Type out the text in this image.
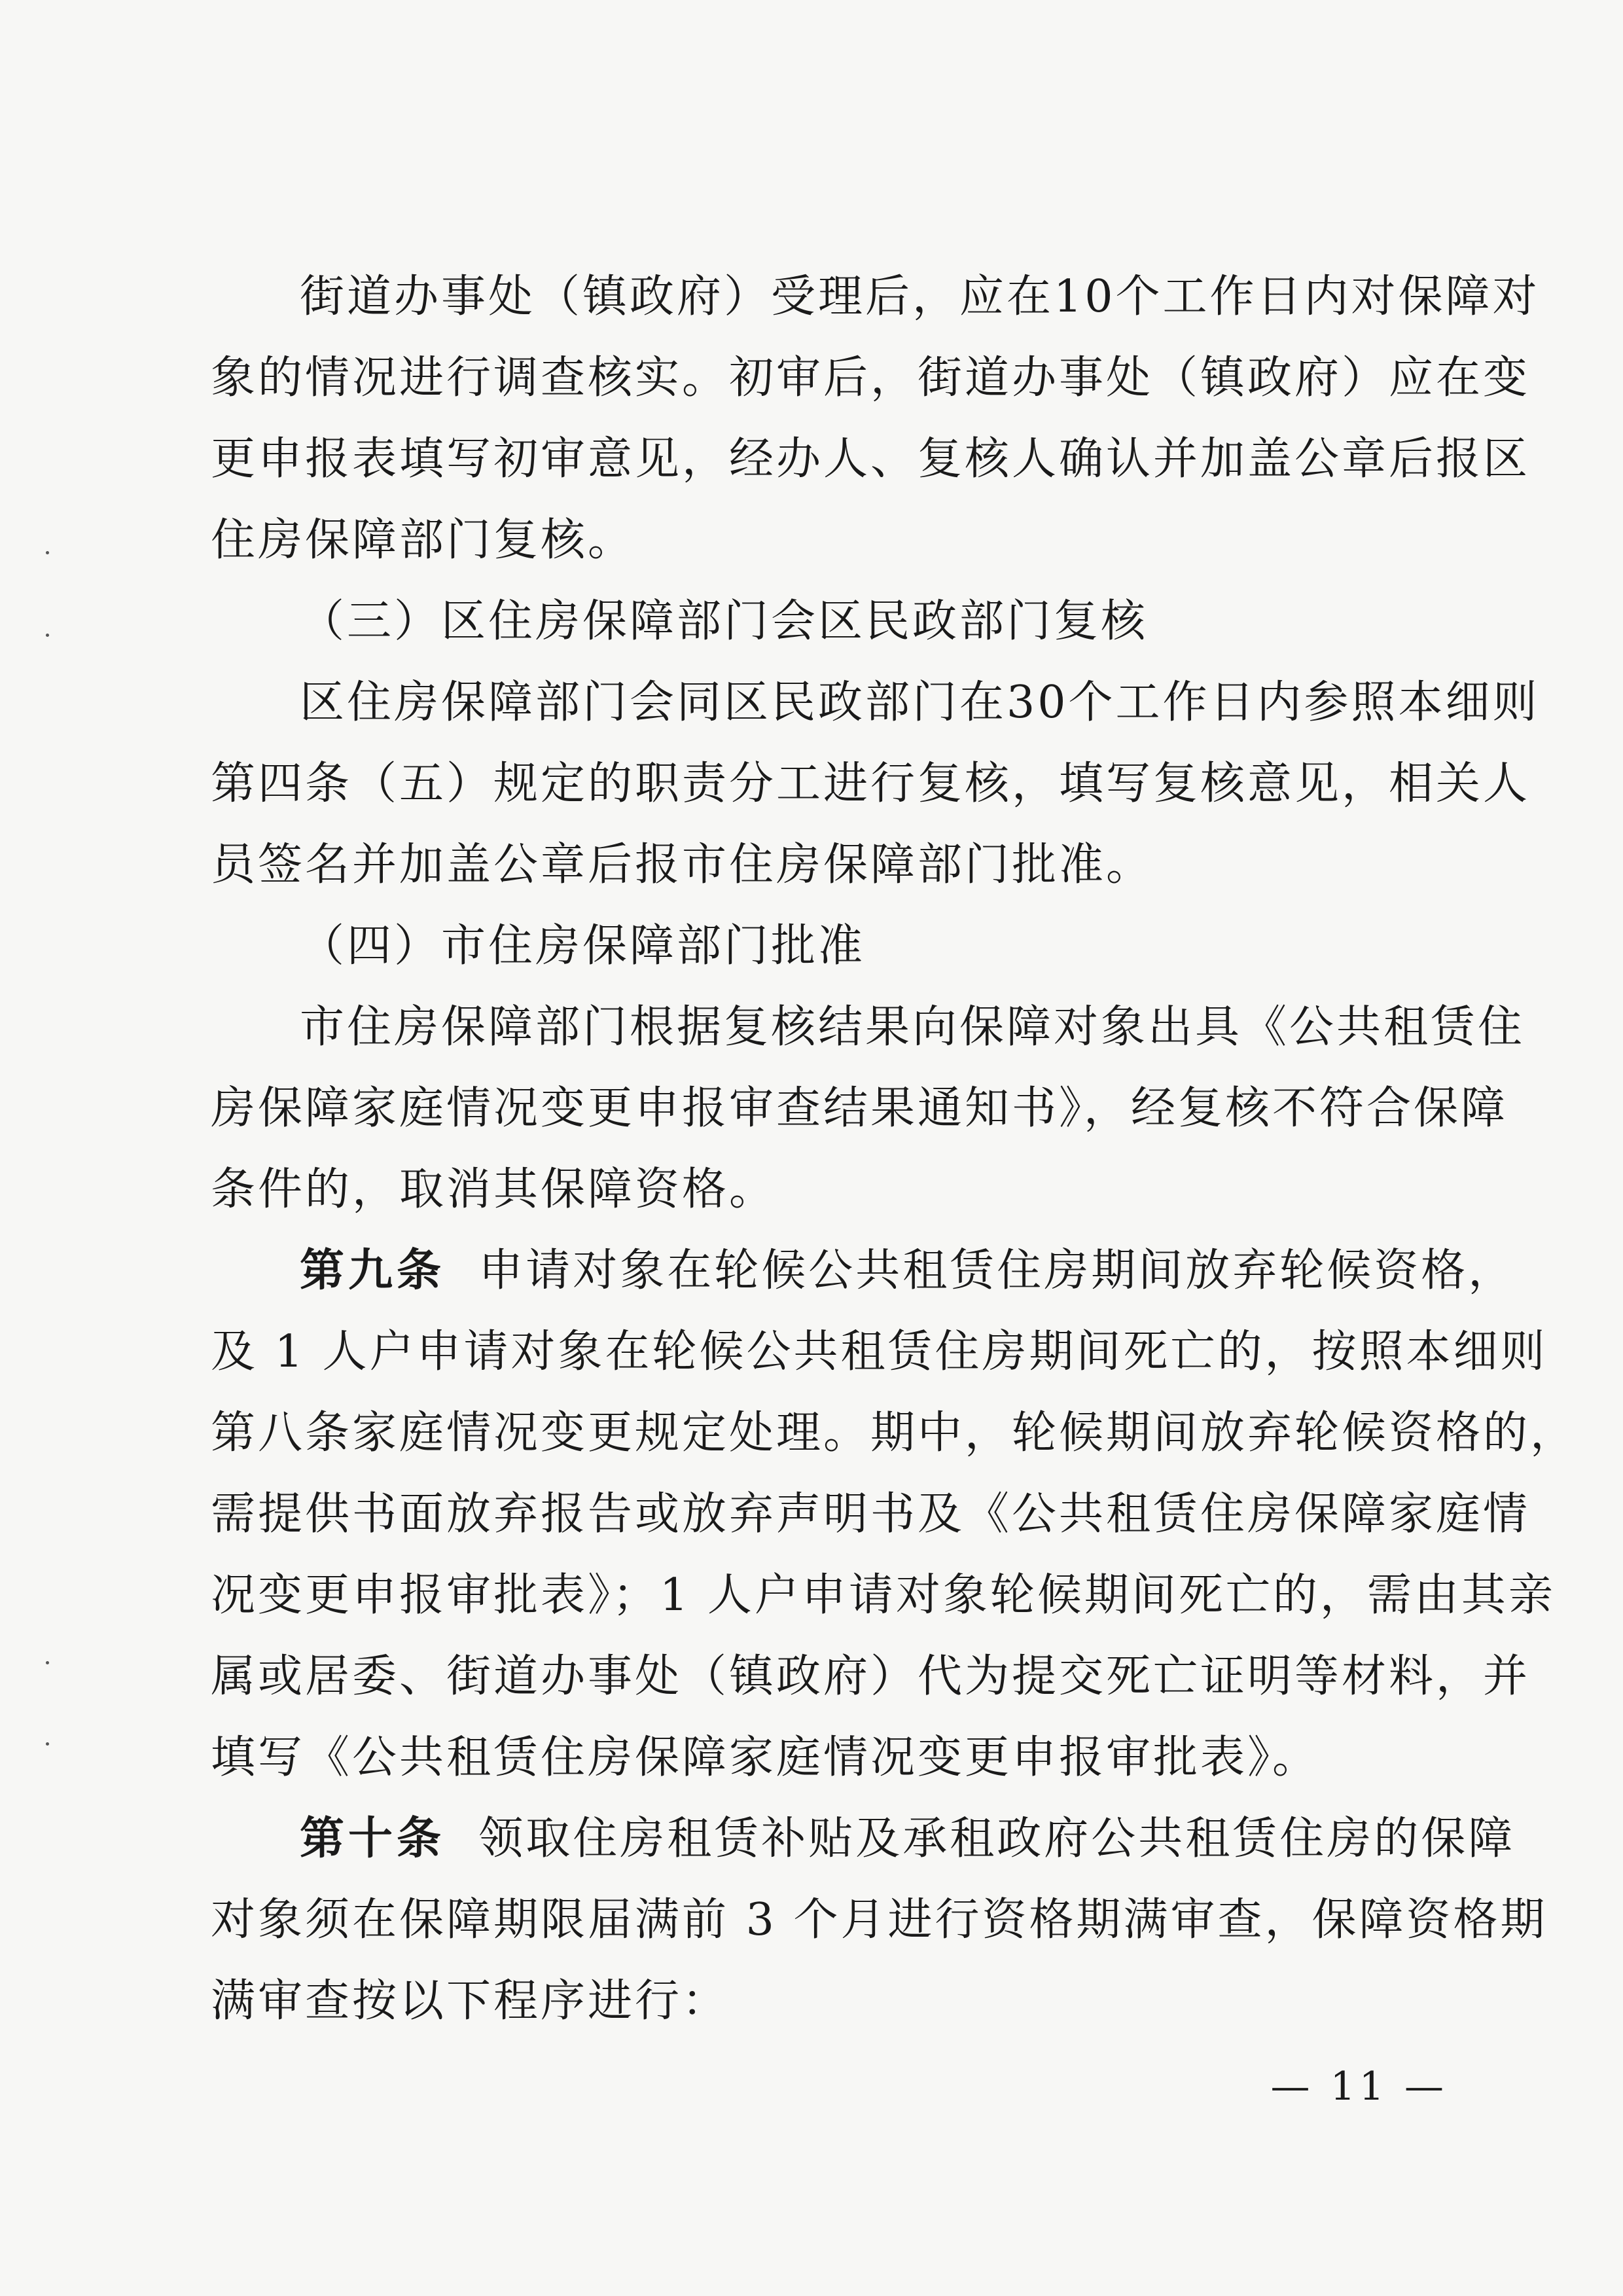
街道办事处（镇政府）受理后，应在10个工作日内对保障对
象的情况进行调查核实。初审后，街道办事处（镇政府）应在变
更申报表填写初审意见，经办人、复核人确认并加盖公章后报区
住房保障部门复核。
（三）区住房保障部门会区民政部门复核
区住房保障部门会同区民政部门在30个工作日内参照本细则
第四条（五）规定的职责分工进行复核，填写复核意见，相关人
员签名并加盖公章后报市住房保障部门批准。
（四）市住房保障部门批准
市住房保障部门根据复核结果向保障对象出具《公共租赁住
房保障家庭情况变更申报审查结果通知书》，经复核不符合保障
条件的，取消其保障资格。
第九条 申请对象在轮候公共租赁住房期间放弃轮候资格，
及 1 人户申请对象在轮候公共租赁住房期间死亡的，按照本细则
第八条家庭情况变更规定处理。期中，轮候期间放弃轮候资格的，
需提供书面放弃报告或放弃声明书及《公共租赁住房保障家庭情
况变更申报审批表》；1 人户申请对象轮候期间死亡的，需由其亲
属或居委、街道办事处（镇政府）代为提交死亡证明等材料，并
填写《公共租赁住房保障家庭情况变更申报审批表》。
第十条 领取住房租赁补贴及承租政府公共租赁住房的保障
对象须在保障期限届满前 3 个月进行资格期满审查，保障资格期
满审查按以下程序进行：
— 11 —
